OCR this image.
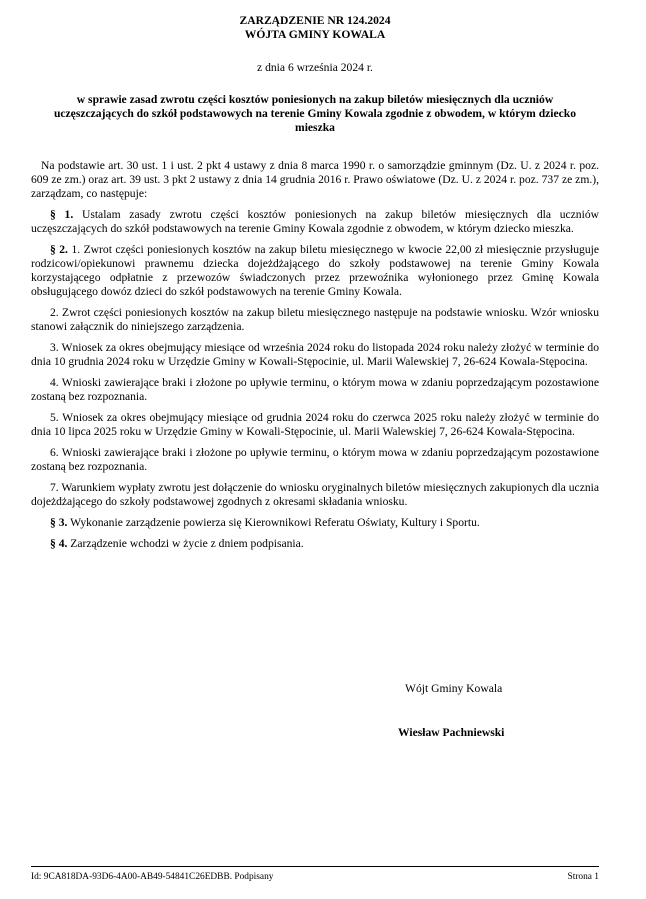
ZARZĄDZENIE NR 124.2024
WÓJTA GMINY KOWALA
z dnia 6 września 2024 r.
w sprawie zasad zwrotu części kosztów poniesionych na zakup biletów miesięcznych dla uczniów uczęszczających do szkół podstawowych na terenie Gminy Kowala zgodnie z obwodem, w którym dziecko mieszka

Na podstawie art. 30 ust. 1 i ust. 2 pkt 4 ustawy z dnia 8 marca 1990 r. o samorządzie gminnym (Dz. U. z 2024 r. poz. 609 ze zm.) oraz art. 39 ust. 3 pkt 2 ustawy z dnia 14 grudnia 2016 r. Prawo oświatowe (Dz. U. z 2024 r. poz. 737 ze zm.), zarządzam, co następuje:

§ 1. Ustalam zasady zwrotu części kosztów poniesionych na zakup biletów miesięcznych dla uczniów uczęszczających do szkół podstawowych na terenie Gminy Kowala zgodnie z obwodem, w którym dziecko mieszka.

§ 2. 1. Zwrot części poniesionych kosztów na zakup biletu miesięcznego w kwocie 22,00 zł miesięcznie przysługuje rodzicowi/opiekunowi prawnemu dziecka dojeżdżającego do szkoły podstawowej na terenie Gminy Kowala korzystającego odpłatnie z przewozów świadczonych przez przewoźnika wyłonionego przez Gminę Kowala obsługującego dowóz dzieci do szkół podstawowych na terenie Gminy Kowala.

2. Zwrot części poniesionych kosztów na zakup biletu miesięcznego następuje na podstawie wniosku. Wzór wniosku stanowi załącznik do niniejszego zarządzenia.

3. Wniosek za okres obejmujący miesiące od września 2024 roku do listopada 2024 roku należy złożyć w terminie do dnia 10 grudnia 2024 roku w Urzędzie Gminy w Kowali-Stępocinie, ul. Marii Walewskiej 7, 26-624 Kowala-Stępocina.

4. Wnioski zawierające braki i złożone po upływie terminu, o którym mowa w zdaniu poprzedzającym pozostawione zostaną bez rozpoznania.

5. Wniosek za okres obejmujący miesiące od grudnia 2024 roku do czerwca 2025 roku należy złożyć w terminie do dnia 10 lipca 2025 roku w Urzędzie Gminy w Kowali-Stępocinie, ul. Marii Walewskiej 7, 26-624 Kowala-Stępocina.

6. Wnioski zawierające braki i złożone po upływie terminu, o którym mowa w zdaniu poprzedzającym pozostawione zostaną bez rozpoznania.

7. Warunkiem wypłaty zwrotu jest dołączenie do wniosku oryginalnych biletów miesięcznych zakupionych dla ucznia dojeżdżającego do szkoły podstawowej zgodnych z okresami składania wniosku.

§ 3. Wykonanie zarządzenie powierza się Kierownikowi Referatu Oświaty, Kultury i Sportu.

§ 4. Zarządzenie wchodzi w życie z dniem podpisania.

Wójt Gminy Kowala
Wiesław Pachniewski
Id: 9CA818DA-93D6-4A00-AB49-54841C26EDBB. Podpisany	Strona 1
